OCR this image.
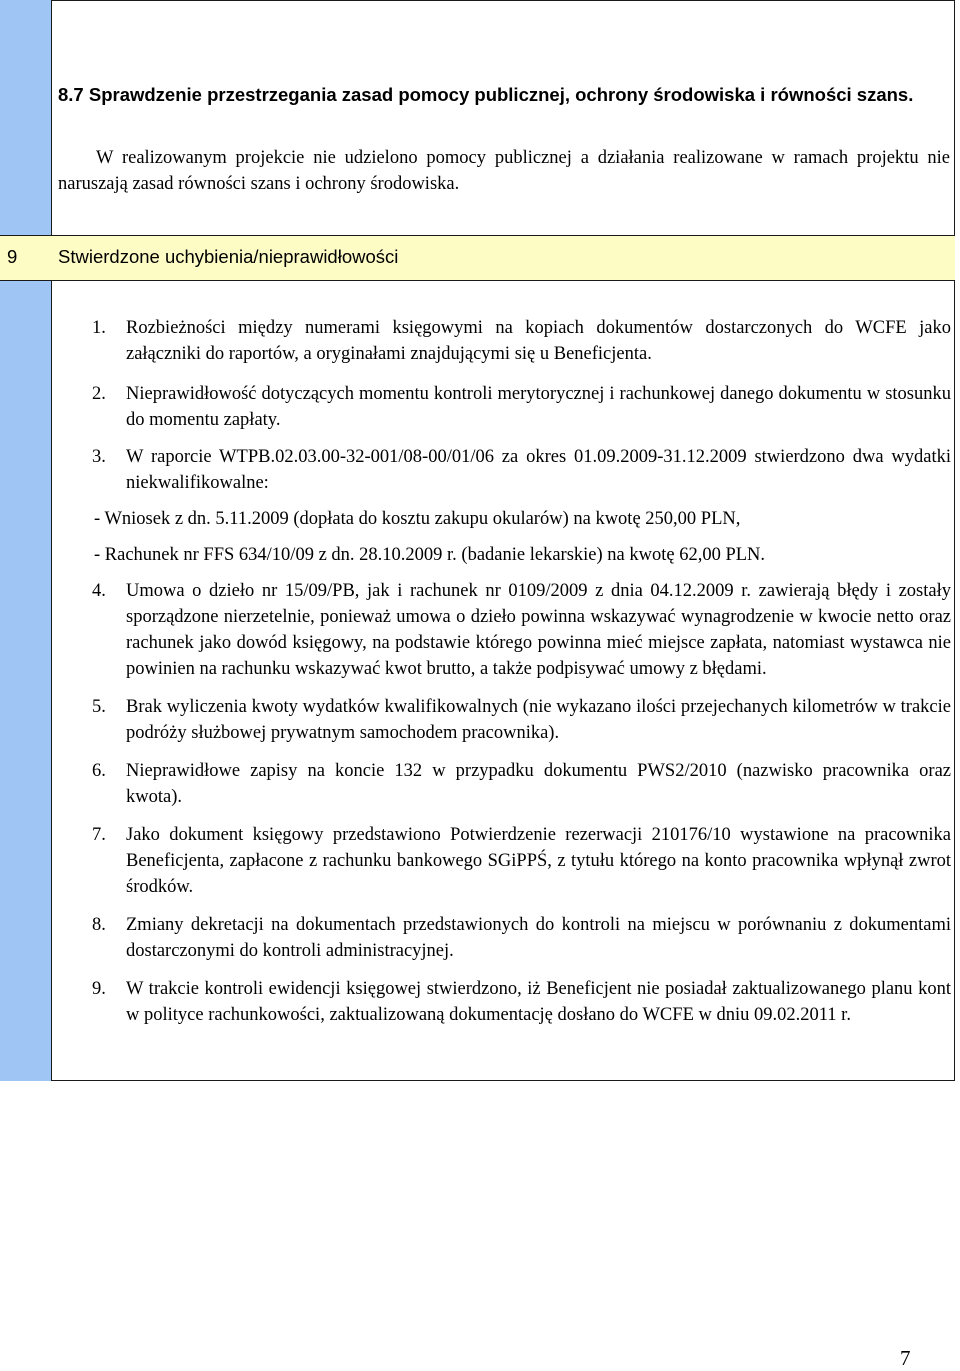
8.7 Sprawdzenie przestrzegania zasad pomocy publicznej, ochrony środowiska i równości szans.
W realizowanym projekcie nie udzielono pomocy publicznej a działania realizowane w ramach projektu nie naruszają zasad równości szans i ochrony środowiska.
9 Stwierdzone uchybienia/nieprawidłowości
1.	Rozbieżności między numerami księgowymi na kopiach dokumentów dostarczonych do WCFE jako załączniki do raportów, a oryginałami znajdującymi się u Beneficjenta.
2.	Nieprawidłowość dotyczących momentu kontroli merytorycznej i rachunkowej danego dokumentu w stosunku do momentu zapłaty.
3.	W raporcie WTPB.02.03.00-32-001/08-00/01/06 za okres 01.09.2009-31.12.2009 stwierdzono dwa wydatki niekwalifikowalne:
- Wniosek z dn. 5.11.2009 (dopłata do kosztu zakupu okularów) na kwotę 250,00 PLN,
- Rachunek nr FFS 634/10/09 z dn. 28.10.2009 r. (badanie lekarskie) na kwotę 62,00 PLN.
4.	Umowa o dzieło nr 15/09/PB, jak i rachunek nr 0109/2009 z dnia 04.12.2009 r. zawierają błędy i zostały sporządzone nierzetelnie, ponieważ umowa o dzieło powinna wskazywać wynagrodzenie w kwocie netto oraz rachunek jako dowód księgowy, na podstawie którego powinna mieć miejsce zapłata, natomiast wystawca nie powinien na rachunku wskazywać kwot brutto, a także podpisywać umowy z błędami.
5.	Brak wyliczenia kwoty wydatków kwalifikowalnych (nie wykazano ilości przejechanych kilometrów w trakcie podróży służbowej prywatnym samochodem pracownika).
6.	Nieprawidłowe zapisy na koncie 132 w przypadku dokumentu PWS2/2010 (nazwisko pracownika oraz kwota).
7.	Jako dokument księgowy przedstawiono Potwierdzenie rezerwacji 210176/10 wystawione na pracownika Beneficjenta, zapłacone z rachunku bankowego SGiPPŚ, z tytułu którego na konto pracownika wpłynął zwrot środków.
8.	Zmiany dekretacji na dokumentach przedstawionych do kontroli na miejscu w porównaniu z dokumentami dostarczonymi do kontroli administracyjnej.
9.	W trakcie kontroli ewidencji księgowej stwierdzono, iż Beneficjent nie posiadał zaktualizowanego planu kont w polityce rachunkowości, zaktualizowaną dokumentację dosłano do WCFE w dniu 09.02.2011 r.
7
